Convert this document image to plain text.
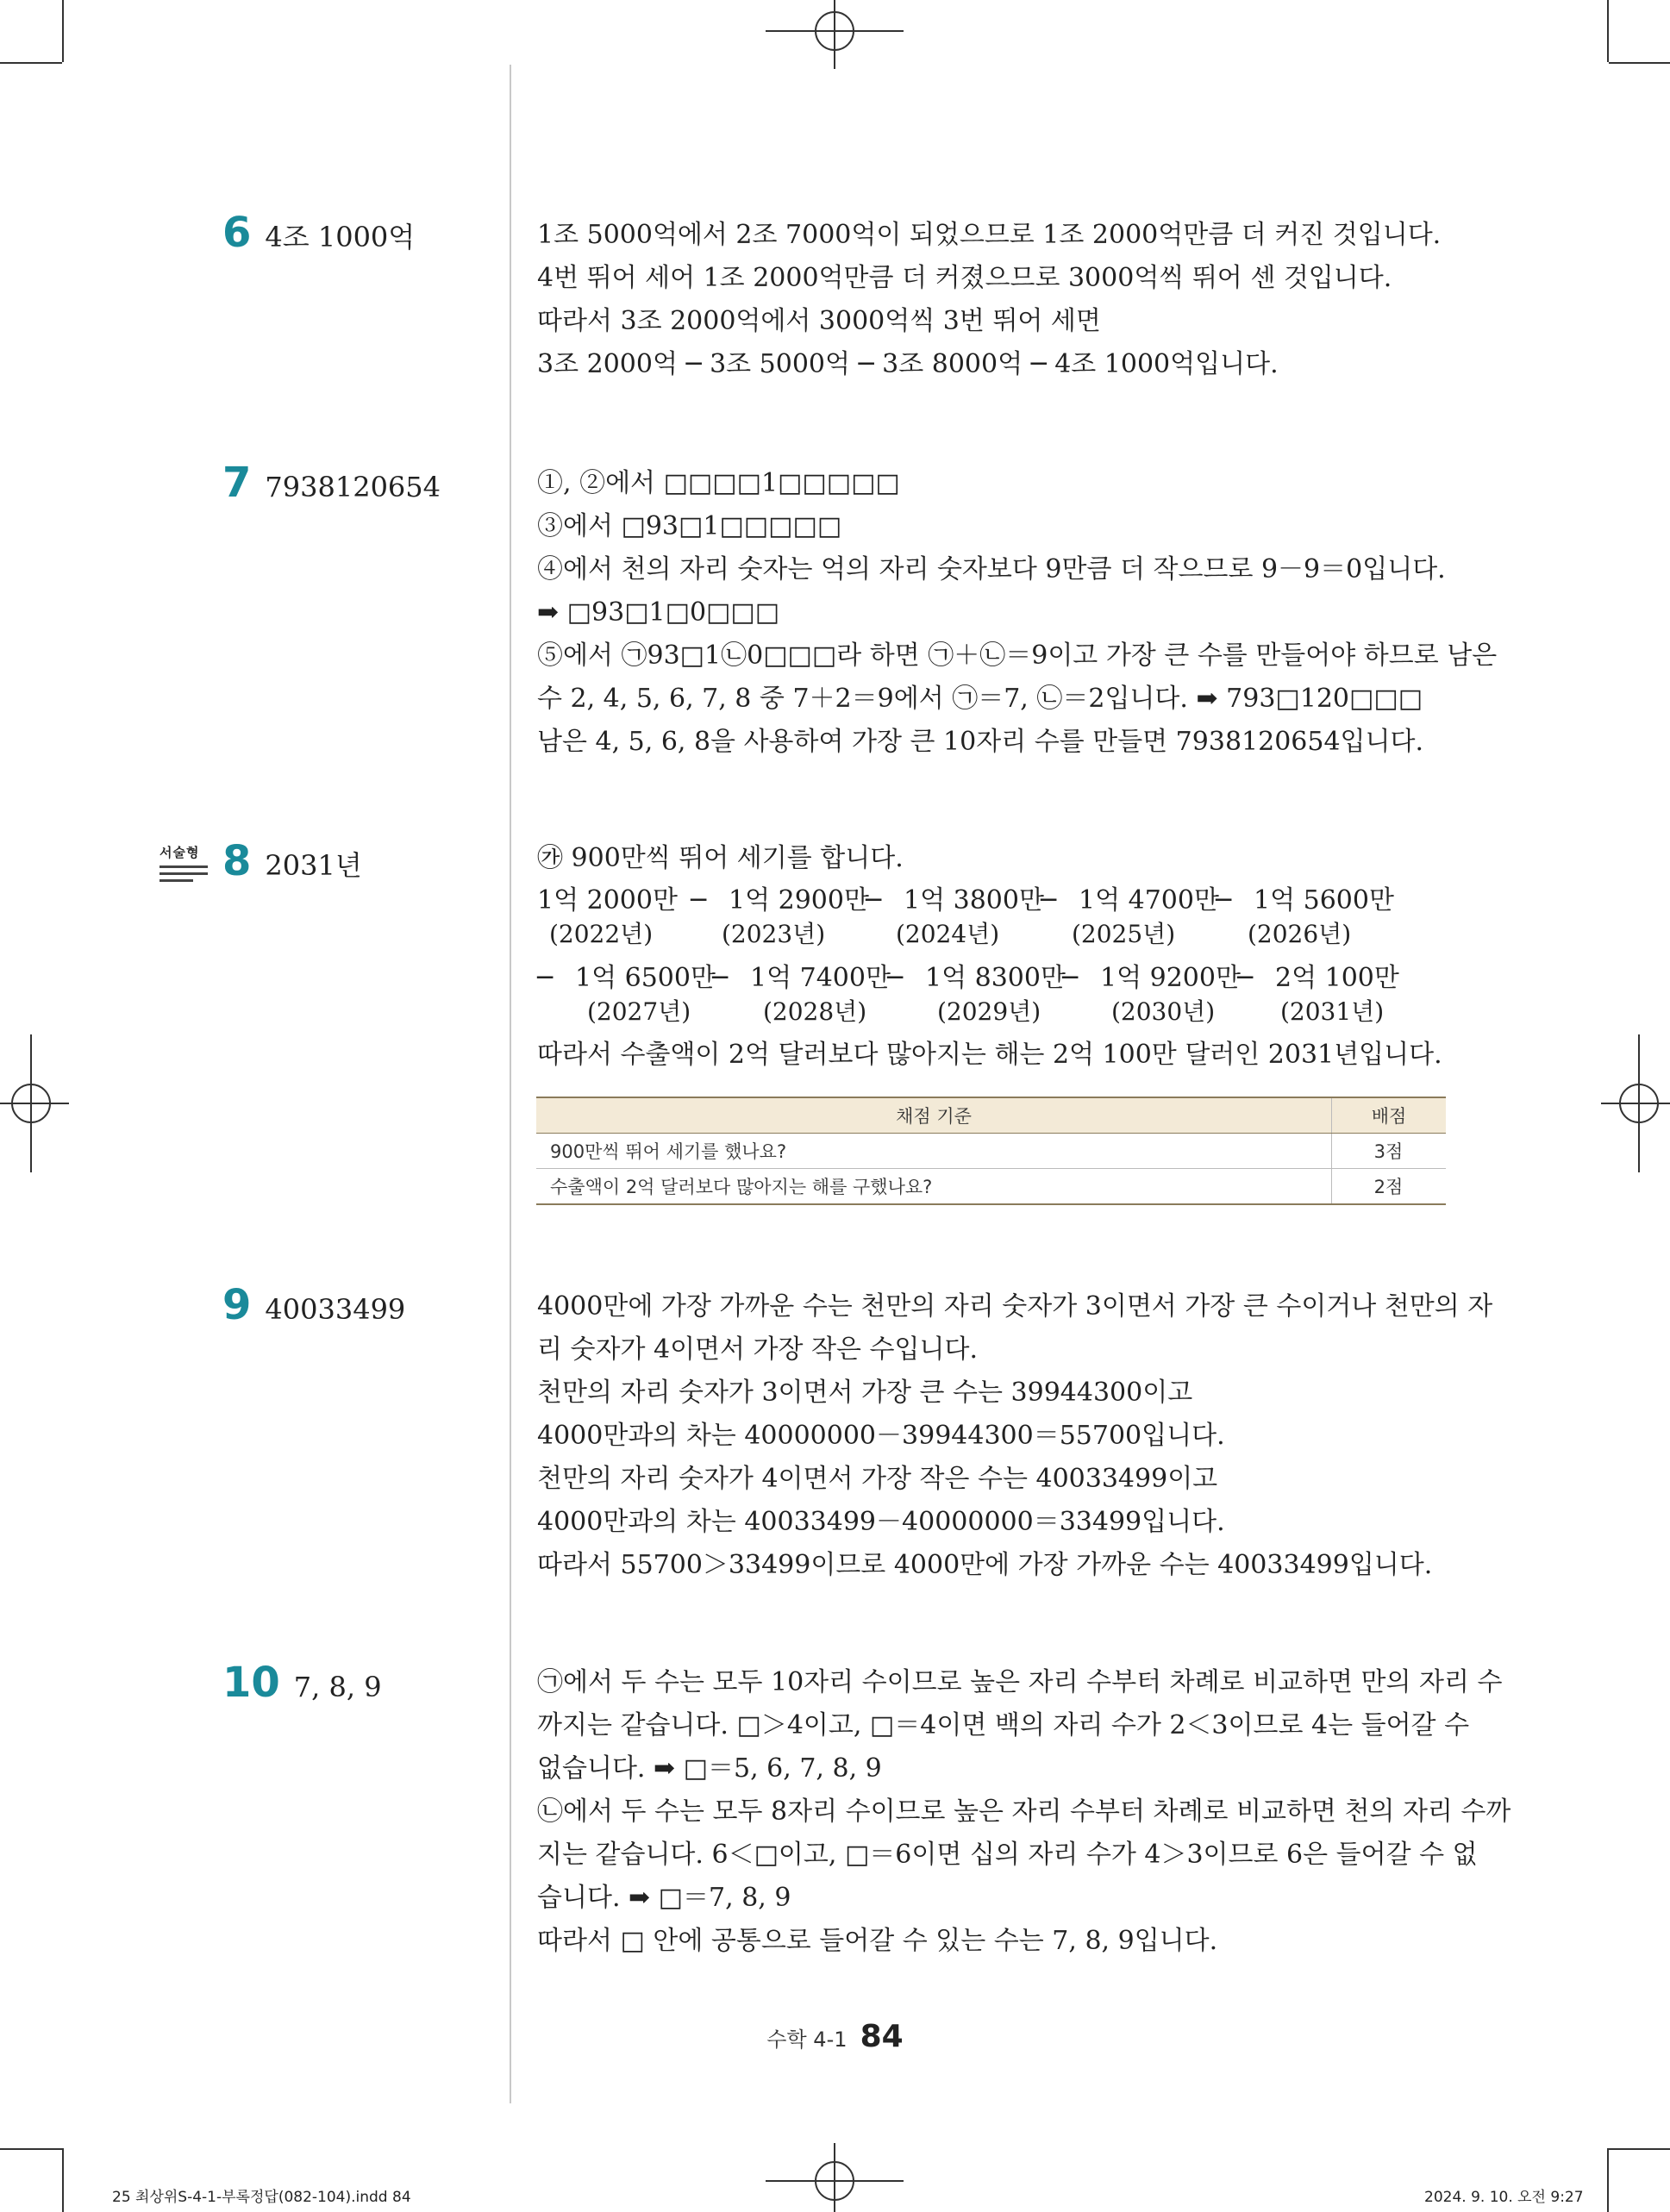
6 4조 1000억	1조 5000억에서 2조 7000억이 되었으므로 1조 2000억만큼 더 커진 것입니다.
4번 뛰어 세어 1조 2000억만큼 더 커졌으므로 3000억씩 뛰어 센 것입니다.
따라서 3조 2000억에서 3000억씩 3번 뛰어 세면
3조 2000억 ─ 3조 5000억 ─ 3조 8000억 ─ 4조 1000억입니다.
7 7938120654	①, ②에서 □□□□1□□□□□
③에서 □93□1□□□□□
④에서 천의 자리 숫자는 억의 자리 숫자보다 9만큼 더 작으므로 9－9＝0입니다.
➡ □93□1□0□□□
⑤에서 ㉠93□1㉡0□□□라 하면 ㉠＋㉡＝9이고 가장 큰 수를 만들어야 하므로 남은
수 2, 4, 5, 6, 7, 8 중 7＋2＝9에서 ㉠＝7, ㉡＝2입니다. ➡ 793□120□□□
남은 4, 5, 6, 8을 사용하여 가장 큰 10자리 수를 만들면 7938120654입니다.
서술형 8 2031년	㉮ 900만씩 뛰어 세기를 합니다.
1억 2000만 ─ 1억 2900만
─ 1억 3800만
─ 1억 4700만
─ 1억 5600만
(2022년)	(2023년)	(2024년)	(2025년)	(2026년)
─ 1억 6500만
─ 1억 7400만
─ 1억 8300만
─ 1억 9200만
─ 2억 100만
(2027년)	(2028년)	(2029년)	(2030년)	(2031년)
따라서 수출액이 2억 달러보다 많아지는 해는 2억 100만 달러인 2031년입니다.
채점 기준	배점
900만씩 뛰어 세기를 했나요?	3점
수출액이 2억 달러보다 많아지는 해를 구했나요?	2점
9 40033499	4000만에 가장 가까운 수는 천만의 자리 숫자가 3이면서 가장 큰 수이거나 천만의 자
리 숫자가 4이면서 가장 작은 수입니다.
천만의 자리 숫자가 3이면서 가장 큰 수는 39944300이고
4000만과의 차는 40000000－39944300＝55700입니다.
천만의 자리 숫자가 4이면서 가장 작은 수는 40033499이고
4000만과의 차는 40033499－40000000＝33499입니다.
따라서 55700＞33499이므로 4000만에 가장 가까운 수는 40033499입니다.
10 7, 8, 9	㉠에서 두 수는 모두 10자리 수이므로 높은 자리 수부터 차례로 비교하면 만의 자리 수
까지는 같습니다. □＞4이고, □＝4이면 백의 자리 수가 2＜3이므로 4는 들어갈 수
없습니다. ➡ □＝5, 6, 7, 8, 9
㉡에서 두 수는 모두 8자리 수이므로 높은 자리 수부터 차례로 비교하면 천의 자리 수까
지는 같습니다. 6＜□이고, □＝6이면 십의 자리 수가 4＞3이므로 6은 들어갈 수 없
습니다. ➡ □＝7, 8, 9
따라서 □ 안에 공통으로 들어갈 수 있는 수는 7, 8, 9입니다.
수학 4-1 84
25 최상위S-4-1-부록정답(082-104).indd 84	2024. 9. 10. 오전 9:27
